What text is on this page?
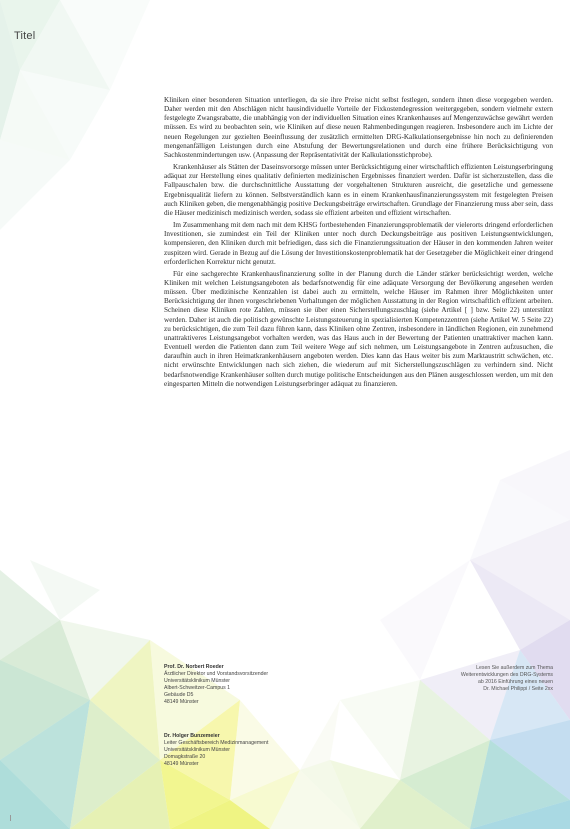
Titel

Kliniken einer besonderen Situation unterliegen, da sie ihre Preise nicht selbst festlegen, sondern ihnen diese vorgegeben werden. Daher werden mit den Abschlägen nicht hausindividuelle Vorteile der Fixkostendegression weitergegeben, sondern vielmehr extern festgelegte Zwangsrabatte, die unabhängig von der individuellen Situation eines Krankenhauses auf Mengenzuwächse gewährt werden müssen. Es wird zu beobachten sein, wie Kliniken auf diese neuen Rahmenbedingungen reagieren. Insbesondere auch im Lichte der neuen Regelungen zur gezielten Beeinflussung der zusätzlich ermittelten DRG-Kalkulationsergebnisse hin noch zu definierenden mengenanfälligen Leistungen durch eine Abstufung der Bewertungsrelationen und durch eine frühere Berücksichtigung von Sachkostenmindertungen usw. (Anpassung der Repräsentativität der Kalkulationsstichprobe).

Krankenhäuser als Stätten der Daseinsvorsorge müssen unter Berücksichtigung einer wirtschaftlich effizienten Leistungserbringung adäquat zur Herstellung eines qualitativ definierten medizinischen Ergebnisses finanziert werden. Dafür ist sicherzustellen, dass die Fallpauschalen bzw. die durchschnittliche Ausstattung der vorgehaltenen Strukturen ausreicht, die gesetzliche und gemessene Ergebnisqualität liefern zu können. Selbstverständlich kann es in einem Krankenhausfinanzierungssystem mit festgelegten Preisen auch Kliniken geben, die mengenabhängig positive Deckungsbeiträge erwirtschaften. Grundlage der Finanzierung muss aber sein, dass die Häuser medizinisch medizinisch werden, sodass sie effizient arbeiten und effizient wirtschaften.

Im Zusammenhang mit dem nach mit dem KHSG fortbestehenden Finanzierungsproblematik der vielerorts dringend erforderlichen Investitionen, sie zumindest ein Teil der Kliniken unter noch durch Deckungsbeiträge aus positiven Leistungsentwicklungen, kompensieren, den Kliniken durch mit befriedigen, dass sich die Finanzierungssituation der Häuser in den kommenden Jahren weiter zuspitzen wird. Gerade in Bezug auf die Lösung der Investitionskostenproblematik hat der Gesetzgeber die Möglichkeit einer dringend erforderlichen Korrektur nicht genutzt.

Für eine sachgerechte Krankenhausfinanzierung sollte in der Planung durch die Länder stärker berücksichtigt werden, welche Kliniken mit welchen Leistungsangeboten als bedarfsnotwendig für eine adäquate Versorgung der Bevölkerung angesehen werden müssen. Über medizinische Kennzahlen ist dabei auch zu ermitteln, welche Häuser im Rahmen ihrer Möglichkeiten unter Berücksichtigung der ihnen vorgeschriebenen Vorhaltungen der möglichen Ausstattung in der Region wirtschaftlich effizient arbeiten. Scheinen diese Kliniken rote Zahlen, müssen sie über einen Sicherstellungszuschlag (siehe Artikel [ ] bzw. Seite 22) unterstützt werden. Daher ist auch die politisch gewünschte Leistungssteuerung in spezialisierten Kompetenzzentren (siehe Artikel W. 5 Seite 22) zu berücksichtigen, die zum Teil dazu führen kann, dass Kliniken ohne Zentren, insbesondere in ländlichen Regionen, ein zunehmend unattraktiveres Leistungsangebot vorhalten werden, was das Haus auch in der Bewertung der Patienten unattraktiver machen kann. Eventuell werden die Patienten dann zum Teil weitere Wege auf sich nehmen, um Leistungsangebote in Zentren aufzusuchen, die daraufhin auch in ihren Heimatkrankenhäusern angeboten werden. Dies kann das Haus weiter bis zum Marktaustritt schwächen, etc. nicht erwünschte Entwicklungen nach sich ziehen, die wiederum auf mit Sicherstellungszuschlägen zu verhindern sind. Nicht bedarfsnotwendige Krankenhäuser sollten durch mutige politische Entscheidungen aus den Plänen ausgeschlossen werden, um mit den eingesparten Mitteln die notwendigen Leistungserbringer adäquat zu finanzieren.

Prof. Dr. Norbert Roeder
Ärztlicher Direktor und Vorstandsvorsitzender
Universitätsklinikum Münster
Albert-Schweitzer-Campus 1
Gebäude D5
48149 Münster
Dr. Holger Bunzemeier
Leiter Geschäftsbereich Medizinmanagement
Universitätsklinikum Münster
Domagkstraße 20
48149 Münster
Lesen Sie außerdem zum Thema
Weiterentwicklungen des DRG-Systems
ab 2016 Einführung eines neuen
Dr. Michael Philippi / Seite 2xx
